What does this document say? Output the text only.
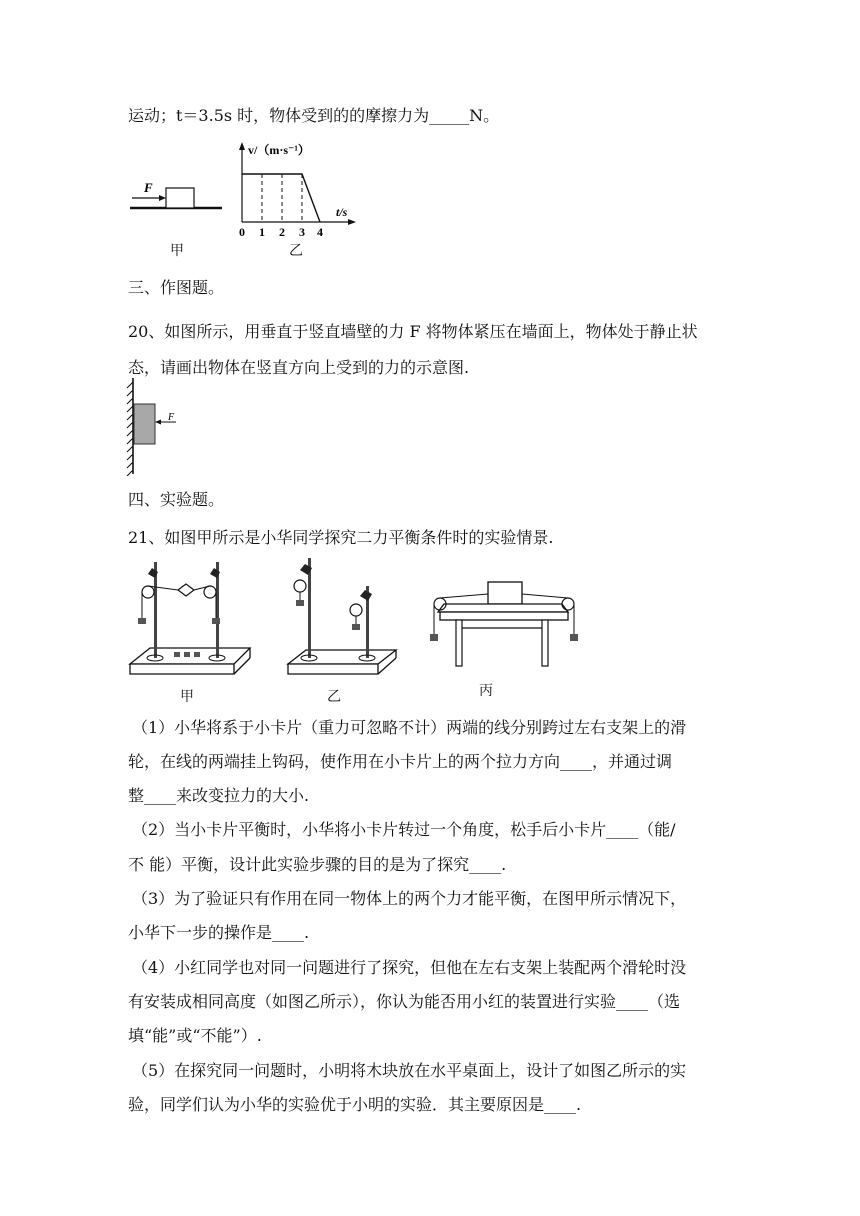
运动；t＝3.5s 时，物体受到的的摩擦力为_____N。
F
甲
v/（m·s⁻¹）
t/s
0 1 2 3 4
乙
三、作图题。
20、如图所示，用垂直于竖直墙壁的力 F 将物体紧压在墙面上，物体处于静止状
态，请画出物体在竖直方向上受到的力的示意图.
F
四、实验题。
21、如图甲所示是小华同学探究二力平衡条件时的实验情景.
甲	乙	丙
（1）小华将系于小卡片（重力可忽略不计）两端的线分别跨过左右支架上的滑
轮，在线的两端挂上钩码，使作用在小卡片上的两个拉力方向____，并通过调
整____来改变拉力的大小.
（2）当小卡片平衡时，小华将小卡片转过一个角度，松手后小卡片____（能/
不 能）平衡，设计此实验步骤的目的是为了探究____.
（3）为了验证只有作用在同一物体上的两个力才能平衡，在图甲所示情况下，
小华下一步的操作是____.
（4）小红同学也对同一问题进行了探究，但他在左右支架上装配两个滑轮时没
有安装成相同高度（如图乙所示），你认为能否用小红的装置进行实验____（选
填“能”或“不能”）.
（5）在探究同一问题时，小明将木块放在水平桌面上，设计了如图乙所示的实
验，同学们认为小华的实验优于小明的实验．其主要原因是____.
